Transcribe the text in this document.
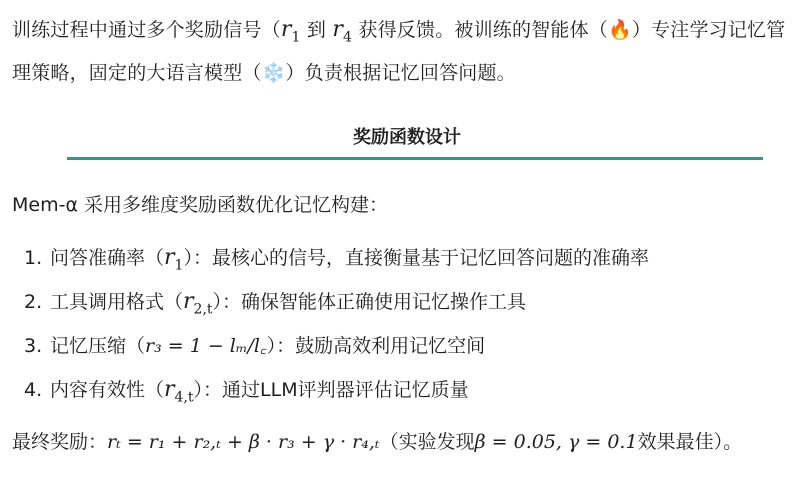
训练过程中通过多个奖励信号（$r_1$ 到 $r_4$ 获得反馈。被训练的智能体（🔥）专注学习记忆管理策略，固定的大语言模型（❄️）负责根据记忆回答问题。
奖励函数设计
Mem-α 采用多维度奖励函数优化记忆构建：
1. 问答准确率$(r_1)$：最核心的信号，直接衡量基于记忆回答问题的准确率
2. 工具调用格式$(r_{2,t})$：确保智能体正确使用记忆操作工具
3. 记忆压缩（r₃ = 1 − lₘ/l꜀）：鼓励高效利用记忆空间
4. 内容有效性$(r_{4,t})$：通过LLM评判器评估记忆质量
最终奖励：rₜ = r₁ + r₂,ₜ + β · r₃ + γ · r₄,ₜ（实验发现β = 0.05, γ = 0.1效果最佳）。
